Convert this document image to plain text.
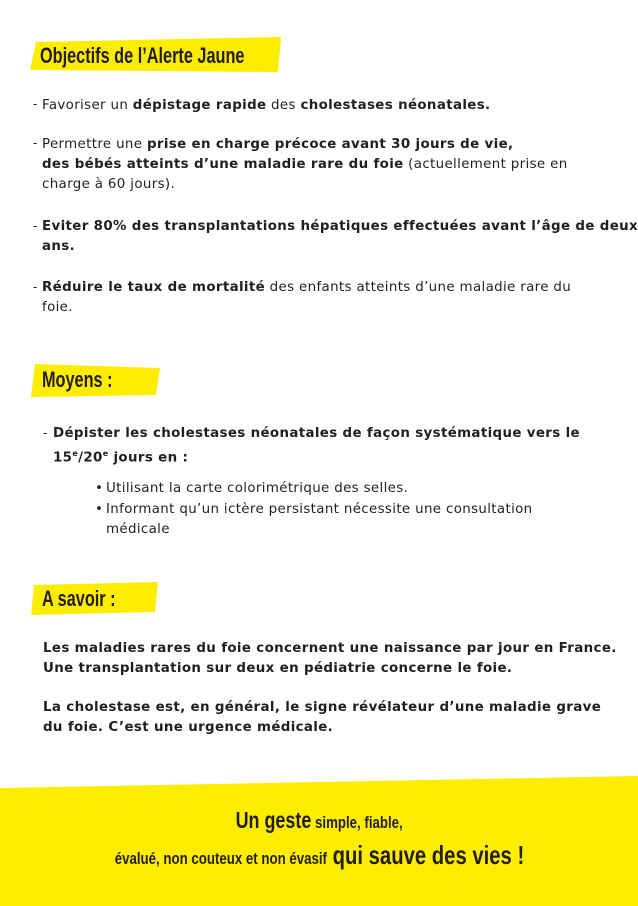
Objectifs de l’Alerte Jaune
- Favoriser un dépistage rapide des cholestases néonatales.
- Permettre une prise en charge précoce avant 30 jours de vie,
des bébés atteints d’une maladie rare du foie (actuellement prise en
charge à 60 jours).
- Eviter 80% des transplantations hépatiques effectuées avant l’âge de deux
ans.
- Réduire le taux de mortalité des enfants atteints d’une maladie rare du
foie.
Moyens :
- Dépister les cholestases néonatales de façon systématique vers le
15e/20e jours en :
• Utilisant la carte colorimétrique des selles.
• Informant qu’un ictère persistant nécessite une consultation
médicale
A savoir :
Les maladies rares du foie concernent une naissance par jour en France.
Une transplantation sur deux en pédiatrie concerne le foie.
La cholestase est, en général, le signe révélateur d’une maladie grave
du foie. C’est une urgence médicale.
Un geste simple, fiable,
évalué, non couteux et non évasif qui sauve des vies !
